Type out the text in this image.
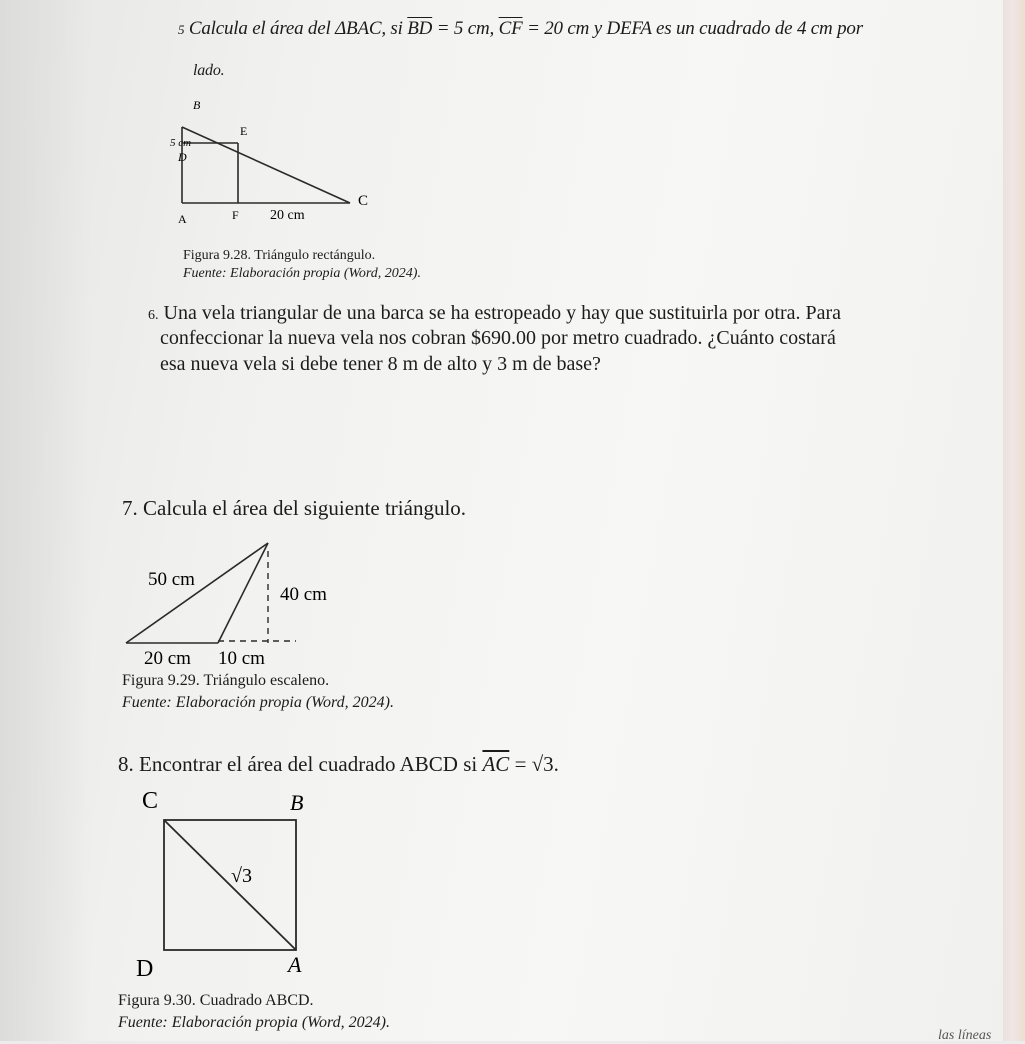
5 Calcula el área del ΔBAC, si $\overline{BD} = 5$ cm, $\overline{CF} = 20$ cm y DEFA es un cuadrado de 4 cm por
lado.
B
E
5 cm
D
C
A	F 20 cm
Figura 9.28. Triángulo rectángulo.
Fuente: Elaboración propia (Word, 2024).
6. Una vela triangular de una barca se ha estropeado y hay que sustituirla por otra. Para
confeccionar la nueva vela nos cobran $690.00 por metro cuadrado. ¿Cuánto costará
esa nueva vela si debe tener 8 m de alto y 3 m de base?
7. Calcula el área del siguiente triángulo.
50 cm
40 cm
20 cm 10 cm
Figura 9.29. Triángulo escaleno.
Fuente: Elaboración propia (Word, 2024).
8. Encontrar el área del cuadrado ABCD si $\overline{AC} = √3$.
C	B
√3
D	A
Figura 9.30. Cuadrado ABCD.
Fuente: Elaboración propia (Word, 2024).
las líneas
